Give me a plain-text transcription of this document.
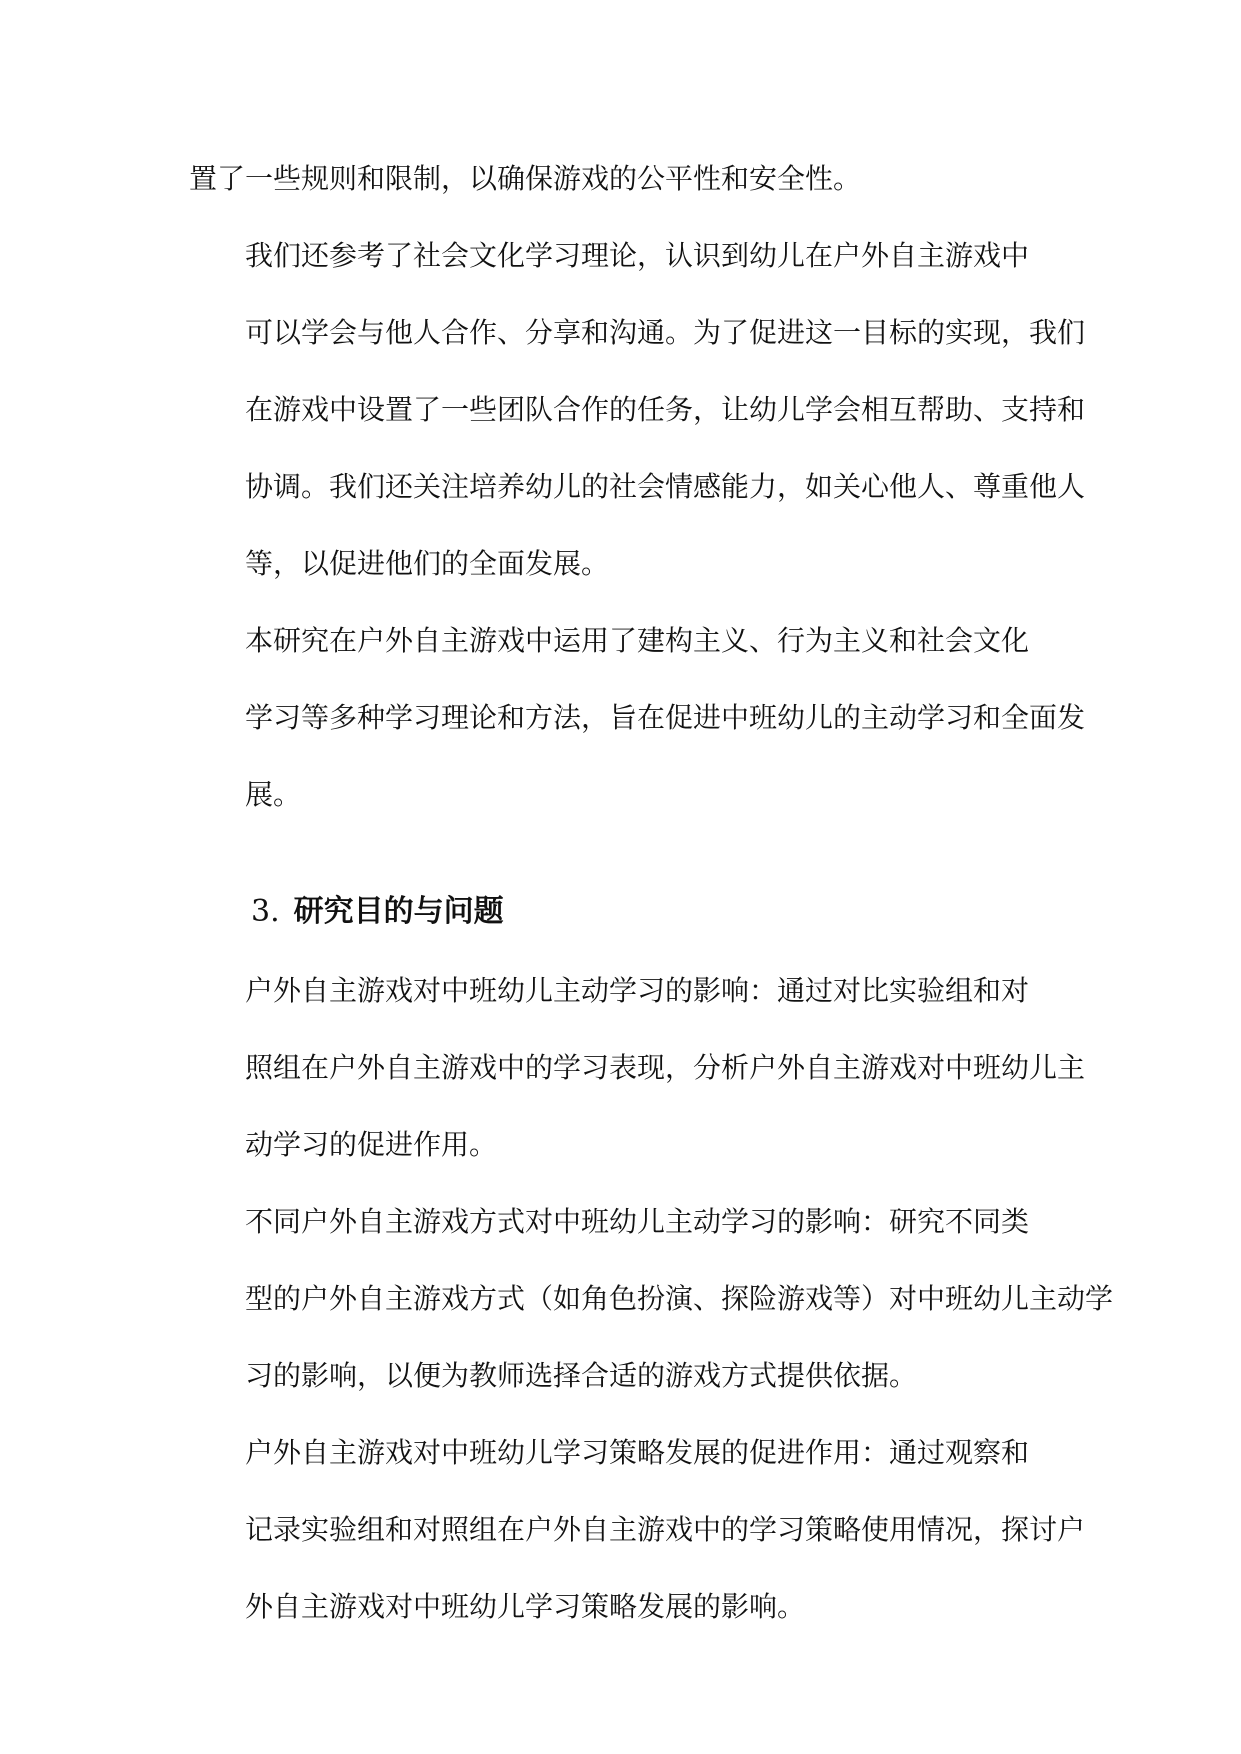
置了一些规则和限制，以确保游戏的公平性和安全性。

我们还参考了社会文化学习理论，认识到幼儿在户外自主游戏中
可以学会与他人合作、分享和沟通。为了促进这一目标的实现，我们
在游戏中设置了一些团队合作的任务，让幼儿学会相互帮助、支持和
协调。我们还关注培养幼儿的社会情感能力，如关心他人、尊重他人
等，以促进他们的全面发展。

本研究在户外自主游戏中运用了建构主义、行为主义和社会文化
学习等多种学习理论和方法，旨在促进中班幼儿的主动学习和全面发
展。

3. 研究目的与问题

户外自主游戏对中班幼儿主动学习的影响：通过对比实验组和对
照组在户外自主游戏中的学习表现，分析户外自主游戏对中班幼儿主
动学习的促进作用。

不同户外自主游戏方式对中班幼儿主动学习的影响：研究不同类
型的户外自主游戏方式（如角色扮演、探险游戏等）对中班幼儿主动学
习的影响，以便为教师选择合适的游戏方式提供依据。

户外自主游戏对中班幼儿学习策略发展的促进作用：通过观察和
记录实验组和对照组在户外自主游戏中的学习策略使用情况，探讨户
外自主游戏对中班幼儿学习策略发展的影响。
